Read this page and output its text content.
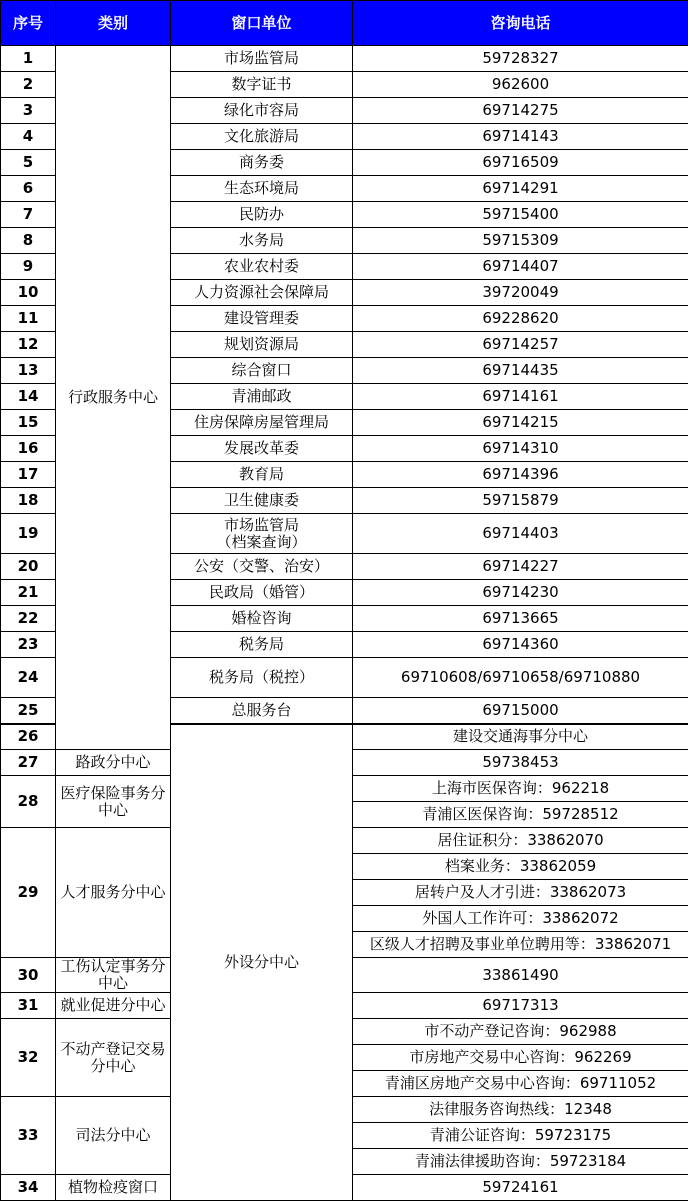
序号	类别	窗口单位	咨询电话	
1	行政服务中心	市场监管局	59728327	
2		数字证书	962600	
3		绿化市容局	69714275	
4		文化旅游局	69714143	
5		商务委	69716509	
6		生态环境局	69714291	
7		民防办	59715400	
8		水务局	59715309	
9		农业农村委	69714407	
10		人力资源社会保障局	39720049	
11		建设管理委	69228620	
12		规划资源局	69714257	
13		综合窗口	69714435	
14		青浦邮政	69714161	
15		住房保障房屋管理局	69714215	
16		发展改革委	69714310	
17		教育局	69714396	
18		卫生健康委	59715879	
19		市场监管局
（档案查询）	69714403	
20		公安（交警、治安）	69714227	
21		民政局（婚管）	69714230	
22		婚检咨询	69713665	
23		税务局	69714360	
24		税务局（税控）	69710608/69710658/69710880	
25		总服务台	69715000	
26		外设分中心	建设交通海事分中心	
27	路政分中心		59738453	
28	医疗保险事务分中心		上海市医保咨询：962218	
			青浦区医保咨询：59728512	
29	人才服务分中心		居住证积分：33862070	
			档案业务：33862059	
			居转户及人才引进：33862073	
			外国人工作许可：33862072	
			区级人才招聘及事业单位聘用等：33862071	
30	工伤认定事务分中心		33861490	
31	就业促进分中心		69717313	
32	不动产登记交易分中心		市不动产登记咨询：962988	
			市房地产交易中心咨询：962269	
			青浦区房地产交易中心咨询：69711052	
33	司法分中心		法律服务咨询热线：12348	
			青浦公证咨询：59723175	
			青浦法律援助咨询：59723184	
34	植物检疫窗口		59724161	
